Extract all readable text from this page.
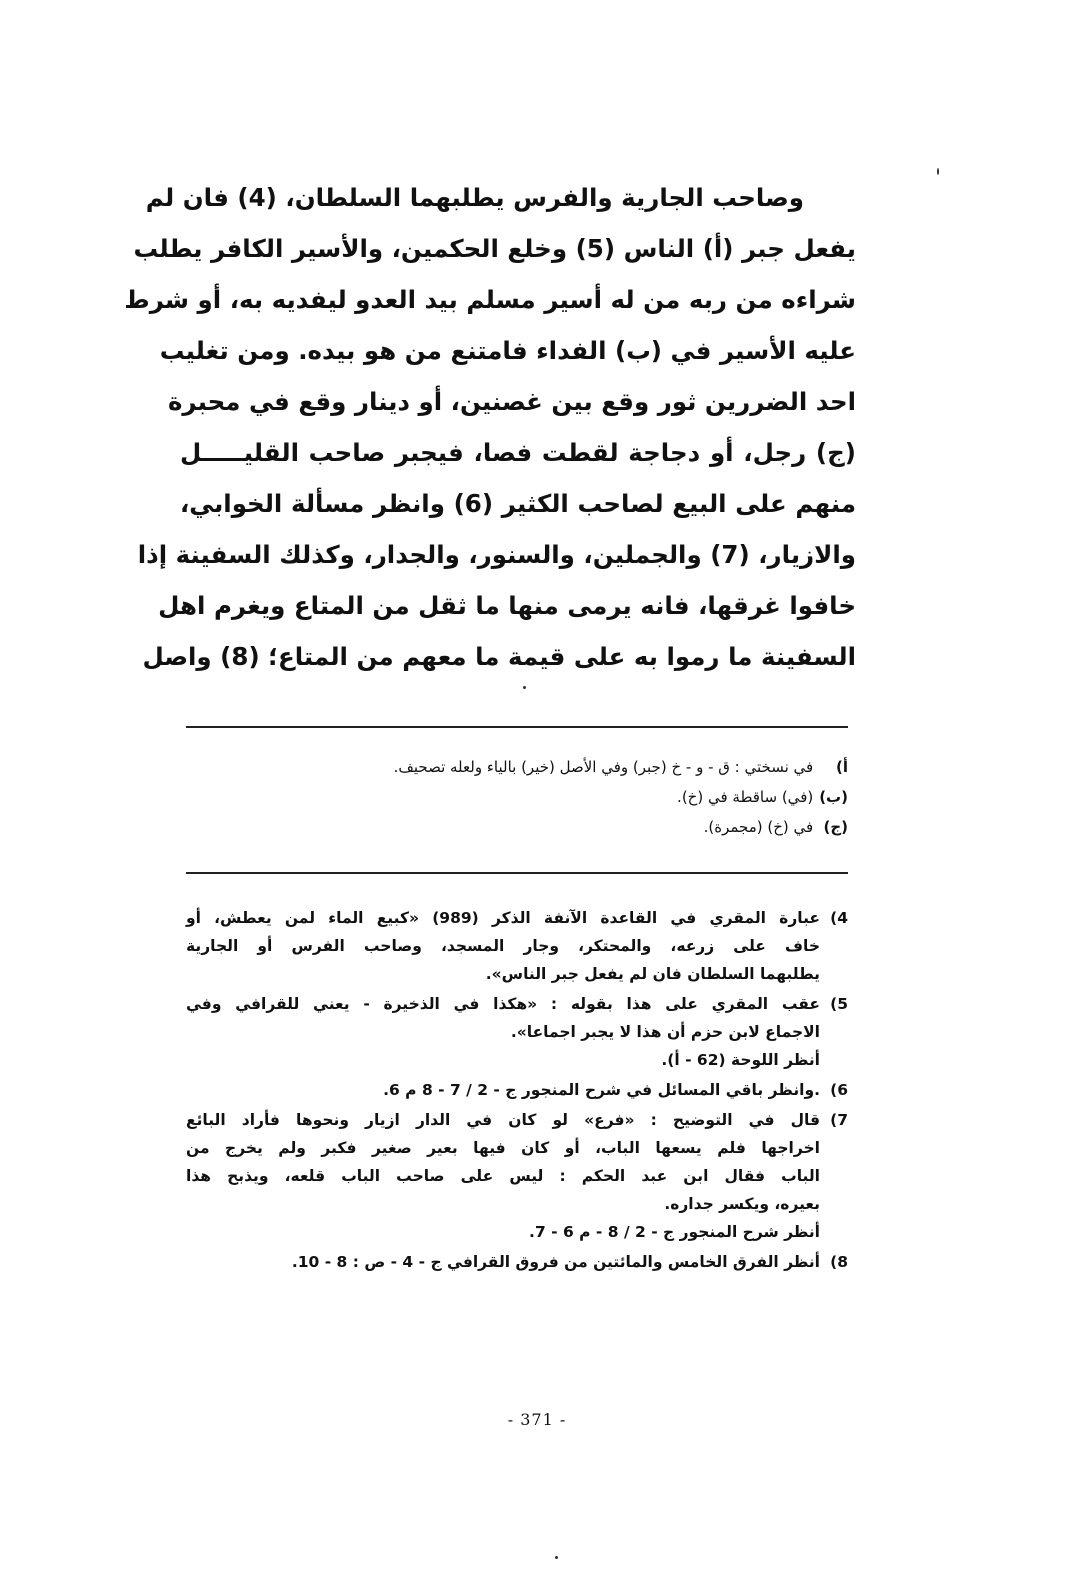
وصاحب الجارية والفرس يطلبهما السلطان، (4) فان لم
يفعل جبر (أ) الناس (5) وخلع الحكمين، والأسير الكافر يطلب
شراءه من ربه من له أسير مسلم بيد العدو ليفديه به، أو شرط
عليه الأسير في (ب) الفداء فامتنع من هو بيده. ومن تغليب
احد الضررين ثور وقع بين غصنين، أو دينار وقع في محبرة
(ج) رجل، أو دجاجة لقطت فصا، فيجبر صاحب القليـــــل
منهم على البيع لصاحب الكثير (6) وانظر مسألة الخوابي،
والازيار، (7) والجملين، والسنور، والجدار، وكذلك السفينة إذا
خافوا غرقها، فانه يرمى منها ما ثقل من المتاع ويغرم اهل
السفينة ما رموا به على قيمة ما معهم من المتاع؛ (8) واصل
أ) في نسختي : ق - و - خ (جبر) وفي الأصل (خير) بالياء ولعله تصحيف.
(ب) (في) ساقطة في (خ).
(ج) في (خ) (مجمرة).
4)
عبارة المقري في القاعدة الآنفة الذكر (989) «كبيع الماء لمن يعطش، أو
خاف على زرعه، والمحتكر، وجار المسجد، وصاحب الفرس أو الجارية
يطلبهما السلطان فان لم يفعل جبر الناس».
5)
عقب المقري على هذا بقوله : «هكذا في الذخيرة - يعني للقرافي وفي
الاجماع لابن حزم أن هذا لا يجبر اجماعا».
أنظر اللوحة (62 - أ).
6)
.وانظر باقي المسائل في شرح المنجور ج - 2 / 7 - 8 م 6.
7)
قال في التوضيح : «فرع» لو كان في الدار ازيار ونحوها فأراد البائع
اخراجها فلم يسعها الباب، أو كان فيها بعير صغير فكبر ولم يخرج من
الباب فقال ابن عبد الحكم : ليس على صاحب الباب قلعه، ويذبح هذا
بعيره، ويكسر جداره.
أنظر شرح المنجور ج - 2 / 8 - م 6 - 7.
8)
أنظر الفرق الخامس والمائتين من فروق القرافي ج - 4 - ص : 8 - 10.
- 371 -
